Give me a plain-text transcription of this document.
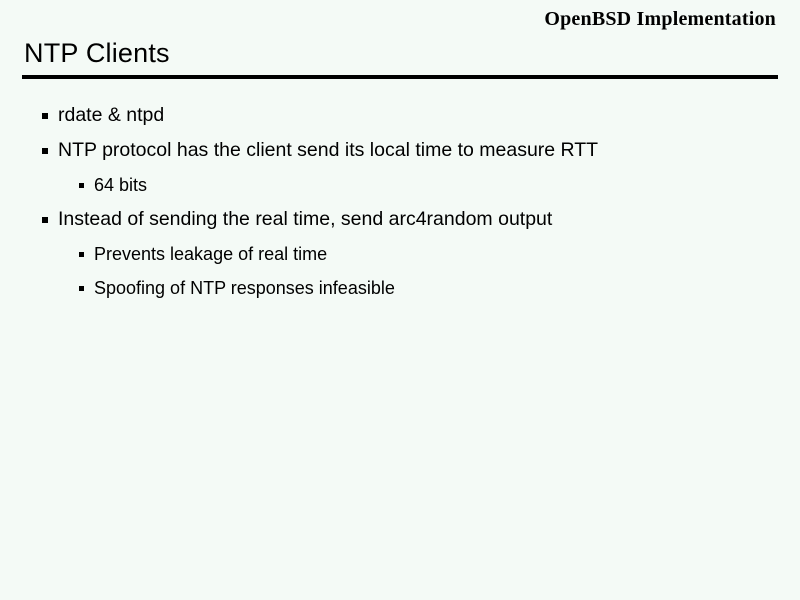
OpenBSD Implementation
NTP Clients
rdate & ntpd
NTP protocol has the client send its local time to measure RTT
64 bits
Instead of sending the real time, send arc4random output
Prevents leakage of real time
Spoofing of NTP responses infeasible
